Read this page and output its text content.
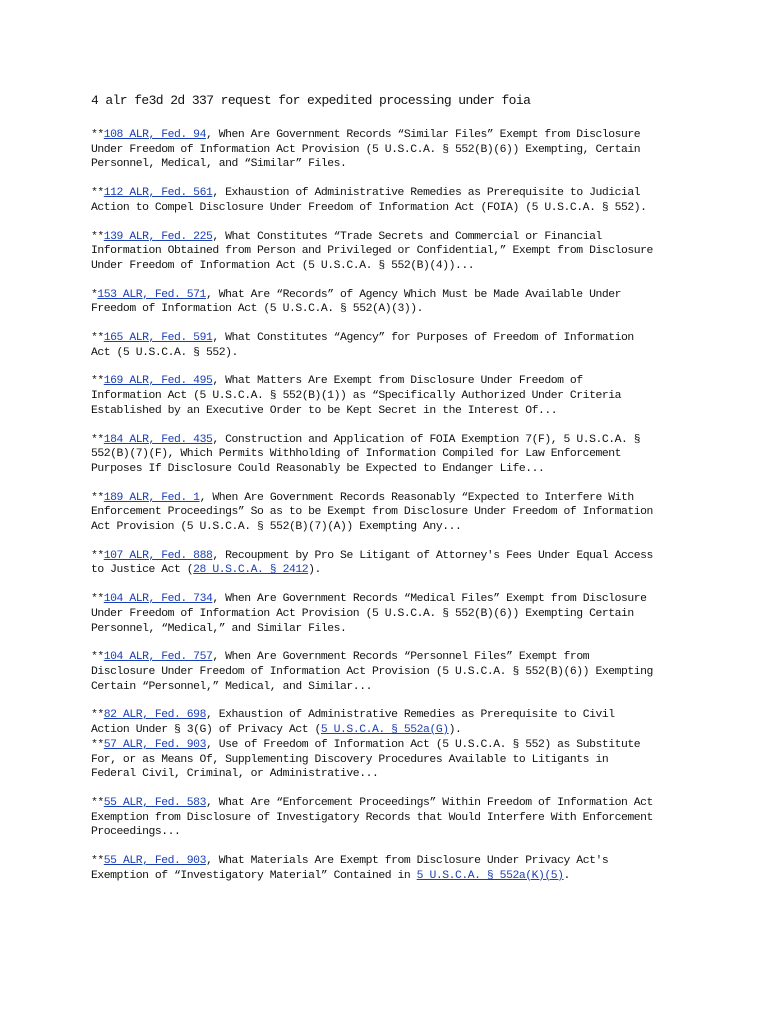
4 alr fe3d 2d 337 request for expedited processing under foia
**108 ALR, Fed. 94, When Are Government Records “Similar Files” Exempt from Disclosure
Under Freedom of Information Act Provision (5 U.S.C.A. § 552(B)(6)) Exempting, Certain
Personnel, Medical, and “Similar” Files.
**112 ALR, Fed. 561, Exhaustion of Administrative Remedies as Prerequisite to Judicial
Action to Compel Disclosure Under Freedom of Information Act (FOIA) (5 U.S.C.A. § 552).
**139 ALR, Fed. 225, What Constitutes “Trade Secrets and Commercial or Financial
Information Obtained from Person and Privileged or Confidential,” Exempt from Disclosure
Under Freedom of Information Act (5 U.S.C.A. § 552(B)(4))...
*153 ALR, Fed. 571, What Are “Records” of Agency Which Must be Made Available Under
Freedom of Information Act (5 U.S.C.A. § 552(A)(3)).
**165 ALR, Fed. 591, What Constitutes “Agency” for Purposes of Freedom of Information
Act (5 U.S.C.A. § 552).
**169 ALR, Fed. 495, What Matters Are Exempt from Disclosure Under Freedom of
Information Act (5 U.S.C.A. § 552(B)(1)) as “Specifically Authorized Under Criteria
Established by an Executive Order to be Kept Secret in the Interest Of...
**184 ALR, Fed. 435, Construction and Application of FOIA Exemption 7(F), 5 U.S.C.A. §
552(B)(7)(F), Which Permits Withholding of Information Compiled for Law Enforcement
Purposes If Disclosure Could Reasonably be Expected to Endanger Life...
**189 ALR, Fed. 1, When Are Government Records Reasonably “Expected to Interfere With
Enforcement Proceedings” So as to be Exempt from Disclosure Under Freedom of Information
Act Provision (5 U.S.C.A. § 552(B)(7)(A)) Exempting Any...
**107 ALR, Fed. 888, Recoupment by Pro Se Litigant of Attorney's Fees Under Equal Access
to Justice Act (28 U.S.C.A. § 2412).
**104 ALR, Fed. 734, When Are Government Records “Medical Files” Exempt from Disclosure
Under Freedom of Information Act Provision (5 U.S.C.A. § 552(B)(6)) Exempting Certain
Personnel, “Medical,” and Similar Files.
**104 ALR, Fed. 757, When Are Government Records “Personnel Files” Exempt from
Disclosure Under Freedom of Information Act Provision (5 U.S.C.A. § 552(B)(6)) Exempting
Certain “Personnel,” Medical, and Similar...
**82 ALR, Fed. 698, Exhaustion of Administrative Remedies as Prerequisite to Civil
Action Under § 3(G) of Privacy Act (5 U.S.C.A. § 552a(G)).
**57 ALR, Fed. 903, Use of Freedom of Information Act (5 U.S.C.A. § 552) as Substitute
For, or as Means Of, Supplementing Discovery Procedures Available to Litigants in
Federal Civil, Criminal, or Administrative...
**55 ALR, Fed. 583, What Are “Enforcement Proceedings” Within Freedom of Information Act
Exemption from Disclosure of Investigatory Records that Would Interfere With Enforcement
Proceedings...
**55 ALR, Fed. 903, What Materials Are Exempt from Disclosure Under Privacy Act's
Exemption of “Investigatory Material” Contained in 5 U.S.C.A. § 552a(K)(5).
